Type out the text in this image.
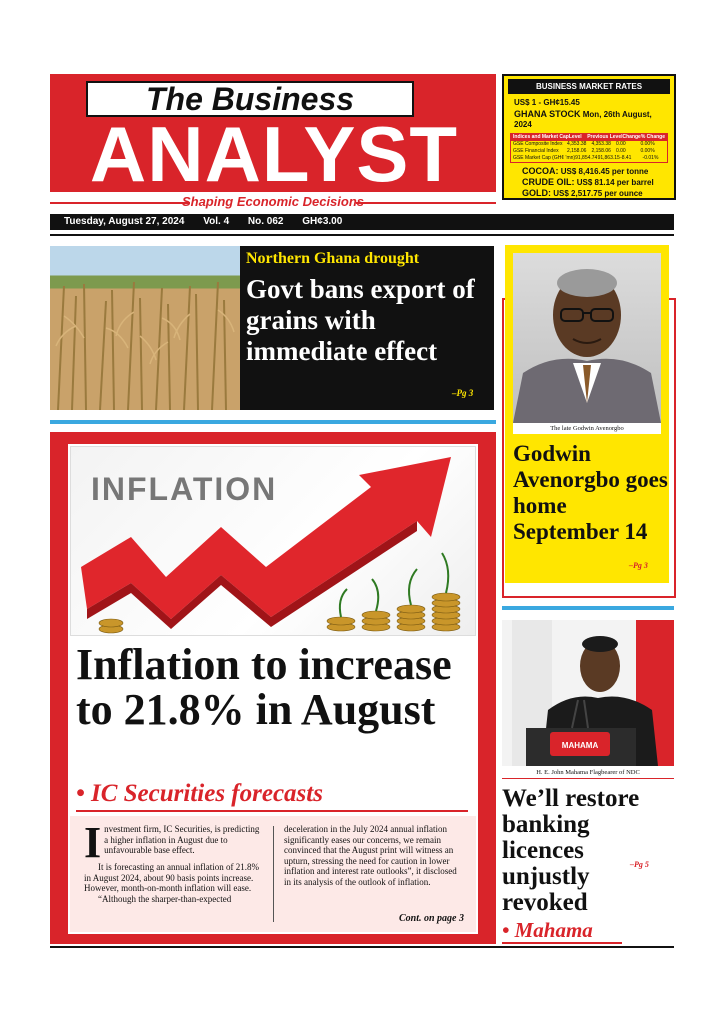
The Business
ANALYST
Shaping Economic Decisions
BUSINESS MARKET RATES
US$ 1 - GH¢15.45
GHANA STOCK Mon, 26th August, 2024
Indices and Market Cap Level	Previous Level Change % Change
GSE Composite Index 4,353.38	4,353.38	0.00	0.00%
GSE Financial Index	2,158.06	2,158.06	0.00	0.00%
GSE Market Cap (GH¢ 'mn) 91,854.74 91,863.15 -8.41	-0.01%
COCOA: US$ 8,416.45 per tonne
CRUDE OIL: US$ 81.14 per barrel
GOLD: US$ 2,517.75 per ounce
Tuesday, August 27, 2024 Vol. 4 No. 062 GH¢3.00
Northern Ghana drought
Govt bans export of grains with immediate effect
–Pg 3
INFLATION
Inflation to increase to 21.8% in August
• IC Securities forecasts
I nvestment firm, IC Securities, is predicting a higher inflation in August due to unfavourable base effect.
It is forecasting an annual inflation of 21.8% in August 2024, about 90 basis points increase. However, month-on-month inflation will ease.
“Although the sharper-than-expected
deceleration in the July 2024 annual inflation significantly eases our concerns, we remain convinced that the August print will witness an upturn, stressing the need for caution in lower inflation and interest rate outlooks”, it disclosed in its analysis of the outlook of inflation.
Cont. on page 3
The late Godwin Avenorgbo
Godwin Avenorgbo goes home September 14
–Pg 3
MAHAMA
H. E. John Mahama Flagbearer of NDC
We’ll restore banking licences unjustly revoked
–Pg 5
• Mahama
